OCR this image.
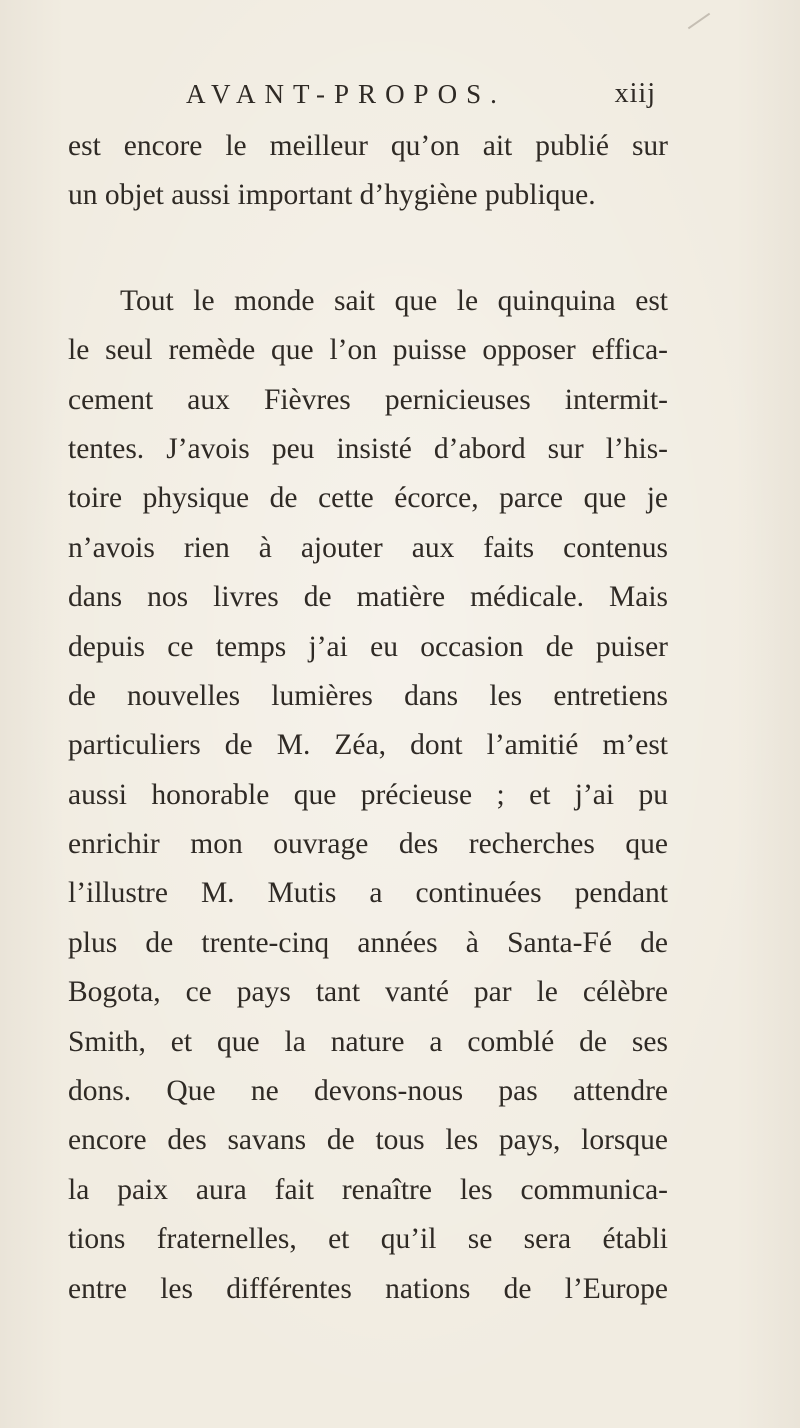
AVANT-PROPOS.	xiij
est encore le meilleur qu’on ait publié sur
un objet aussi important d’hygiène publique.
Tout le monde sait que le quinquina est
le seul remède que l’on puisse opposer effica-
cement aux Fièvres pernicieuses intermit-
tentes. J’avois peu insisté d’abord sur l’his-
toire physique de cette écorce, parce que je
n’avois rien à ajouter aux faits contenus
dans nos livres de matière médicale. Mais
depuis ce temps j’ai eu occasion de puiser
de nouvelles lumières dans les entretiens
particuliers de M. Zéa, dont l’amitié m’est
aussi honorable que précieuse ; et j’ai pu
enrichir mon ouvrage des recherches que
l’illustre M. Mutis a continuées pendant
plus de trente-cinq années à Santa-Fé de
Bogota, ce pays tant vanté par le célèbre
Smith, et que la nature a comblé de ses
dons. Que ne devons-nous pas attendre
encore des savans de tous les pays, lorsque
la paix aura fait renaître les communica-
tions fraternelles, et qu’il se sera établi
entre les différentes nations de l’Europe
